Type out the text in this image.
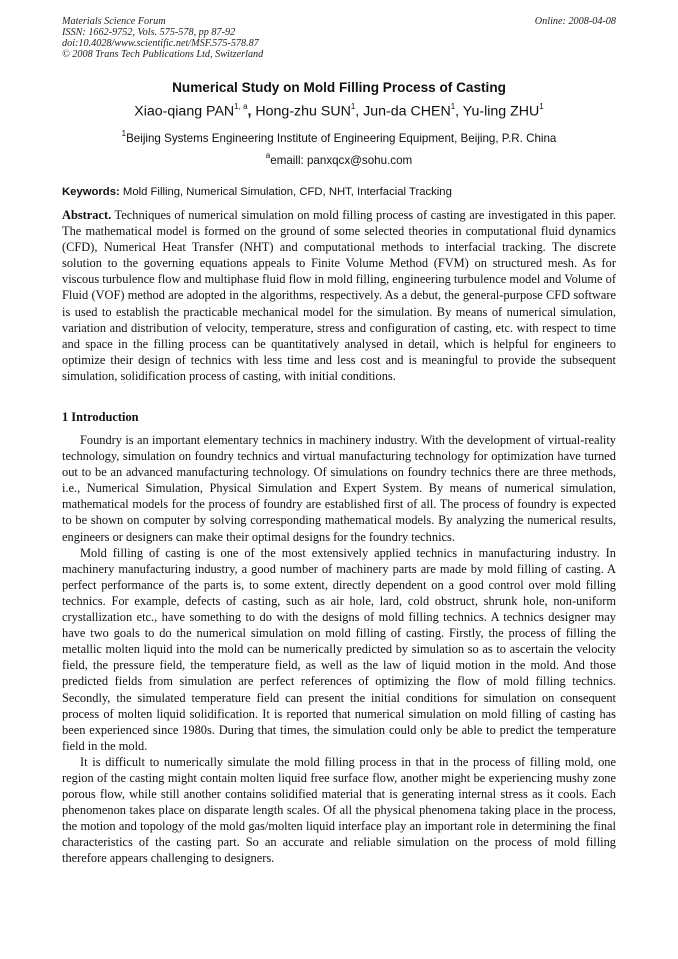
Materials Science Forum
ISSN: 1662-9752, Vols. 575-578, pp 87-92
doi:10.4028/www.scientific.net/MSF.575-578.87
© 2008 Trans Tech Publications Ltd, Switzerland
Online: 2008-04-08
Numerical Study on Mold Filling Process of Casting
Xiao-qiang PAN$^{1, a}$, Hong-zhu SUN$^1$, Jun-da CHEN$^1$, Yu-ling ZHU$^1$
$^1$Beijing Systems Engineering Institute of Engineering Equipment, Beijing, P.R. China
$^a$emaill: panxqcx@sohu.com
Keywords: Mold Filling, Numerical Simulation, CFD, NHT, Interfacial Tracking
Abstract. Techniques of numerical simulation on mold filling process of casting are investigated in this paper. The mathematical model is formed on the ground of some selected theories in computational fluid dynamics (CFD), Numerical Heat Transfer (NHT) and computational methods to interfacial tracking. The discrete solution to the governing equations appeals to Finite Volume Method (FVM) on structured mesh. As for viscous turbulence flow and multiphase fluid flow in mold filling, engineering turbulence model and Volume of Fluid (VOF) method are adopted in the algorithms, respectively. As a debut, the general-purpose CFD software is used to establish the practicable mechanical model for the simulation. By means of numerical simulation, variation and distribution of velocity, temperature, stress and configuration of casting, etc. with respect to time and space in the filling process can be quantitatively analysed in detail, which is helpful for engineers to optimize their design of technics with less time and less cost and is meaningful to provide the subsequent simulation, solidification process of casting, with initial conditions.
1 Introduction

Foundry is an important elementary technics in machinery industry. With the development of virtual-reality technology, simulation on foundry technics and virtual manufacturing technology for optimization have turned out to be an advanced manufacturing technology. Of simulations on foundry technics there are three methods, i.e., Numerical Simulation, Physical Simulation and Expert System. By means of numerical simulation, mathematical models for the process of foundry are established first of all. The process of foundry is expected to be shown on computer by solving corresponding mathematical models. By analyzing the numerical results, engineers or designers can make their optimal designs for the foundry technics.

Mold filling of casting is one of the most extensively applied technics in manufacturing industry. In machinery manufacturing industry, a good number of machinery parts are made by mold filling of casting. A perfect performance of the parts is, to some extent, directly dependent on a good control over mold filling technics. For example, defects of casting, such as air hole, lard, cold obstruct, shrunk hole, non-uniform crystallization etc., have something to do with the designs of mold filling technics. A technics designer may have two goals to do the numerical simulation on mold filling of casting. Firstly, the process of filling the metallic molten liquid into the mold can be numerically predicted by simulation so as to ascertain the velocity field, the pressure field, the temperature field, as well as the law of liquid motion in the mold. And those predicted fields from simulation are perfect references of optimizing the flow of mold filling technics. Secondly, the simulated temperature field can present the initial conditions for simulation on consequent process of molten liquid solidification. It is reported that numerical simulation on mold filling of casting has been experienced since 1980s. During that times, the simulation could only be able to predict the temperature field in the mold.

It is difficult to numerically simulate the mold filling process in that in the process of filling mold, one region of the casting might contain molten liquid free surface flow, another might be experiencing mushy zone porous flow, while still another contains solidified material that is generating internal stress as it cools. Each phenomenon takes place on disparate length scales. Of all the physical phenomena taking place in the process, the motion and topology of the mold gas/molten liquid interface play an important role in determining the final characteristics of the casting part. So an accurate and reliable simulation on the process of mold filling therefore appears challenging to designers.
